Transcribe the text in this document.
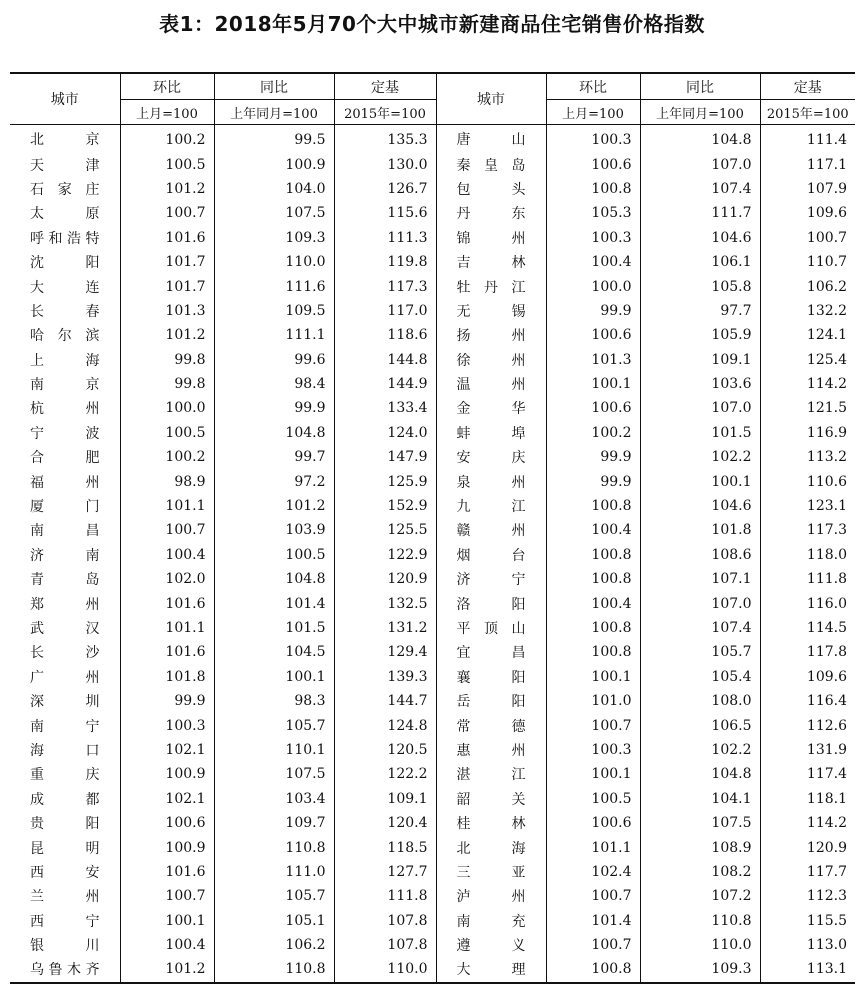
表1：2018年5月70个大中城市新建商品住宅销售价格指数
城市	环比	同比	定基	城市	环比	同比	定基
	上月=100	上年同月=100	2015年=100		上月=100	上年同月=100	2015年=100
北京	100.2	99.5	135.3	唐山	100.3	104.8	111.4
天津	100.5	100.9	130.0	秦皇岛	100.6	107.0	117.1
石家庄	101.2	104.0	126.7	包头	100.8	107.4	107.9
太原	100.7	107.5	115.6	丹东	105.3	111.7	109.6
呼和浩特	101.6	109.3	111.3	锦州	100.3	104.6	100.7
沈阳	101.7	110.0	119.8	吉林	100.4	106.1	110.7
大连	101.7	111.6	117.3	牡丹江	100.0	105.8	106.2
长春	101.3	109.5	117.0	无锡	99.9	97.7	132.2
哈尔滨	101.2	111.1	118.6	扬州	100.6	105.9	124.1
上海	99.8	99.6	144.8	徐州	101.3	109.1	125.4
南京	99.8	98.4	144.9	温州	100.1	103.6	114.2
杭州	100.0	99.9	133.4	金华	100.6	107.0	121.5
宁波	100.5	104.8	124.0	蚌埠	100.2	101.5	116.9
合肥	100.2	99.7	147.9	安庆	99.9	102.2	113.2
福州	98.9	97.2	125.9	泉州	99.9	100.1	110.6
厦门	101.1	101.2	152.9	九江	100.8	104.6	123.1
南昌	100.7	103.9	125.5	赣州	100.4	101.8	117.3
济南	100.4	100.5	122.9	烟台	100.8	108.6	118.0
青岛	102.0	104.8	120.9	济宁	100.8	107.1	111.8
郑州	101.6	101.4	132.5	洛阳	100.4	107.0	116.0
武汉	101.1	101.5	131.2	平顶山	100.8	107.4	114.5
长沙	101.6	104.5	129.4	宜昌	100.8	105.7	117.8
广州	101.8	100.1	139.3	襄阳	100.1	105.4	109.6
深圳	99.9	98.3	144.7	岳阳	101.0	108.0	116.4
南宁	100.3	105.7	124.8	常德	100.7	106.5	112.6
海口	102.1	110.1	120.5	惠州	100.3	102.2	131.9
重庆	100.9	107.5	122.2	湛江	100.1	104.8	117.4
成都	102.1	103.4	109.1	韶关	100.5	104.1	118.1
贵阳	100.6	109.7	120.4	桂林	100.6	107.5	114.2
昆明	100.9	110.8	118.5	北海	101.1	108.9	120.9
西安	101.6	111.0	127.7	三亚	102.4	108.2	117.7
兰州	100.7	105.7	111.8	泸州	100.7	107.2	112.3
西宁	100.1	105.1	107.8	南充	101.4	110.8	115.5
银川	100.4	106.2	107.8	遵义	100.7	110.0	113.0
乌鲁木齐	101.2	110.8	110.0	大理	100.8	109.3	113.1
